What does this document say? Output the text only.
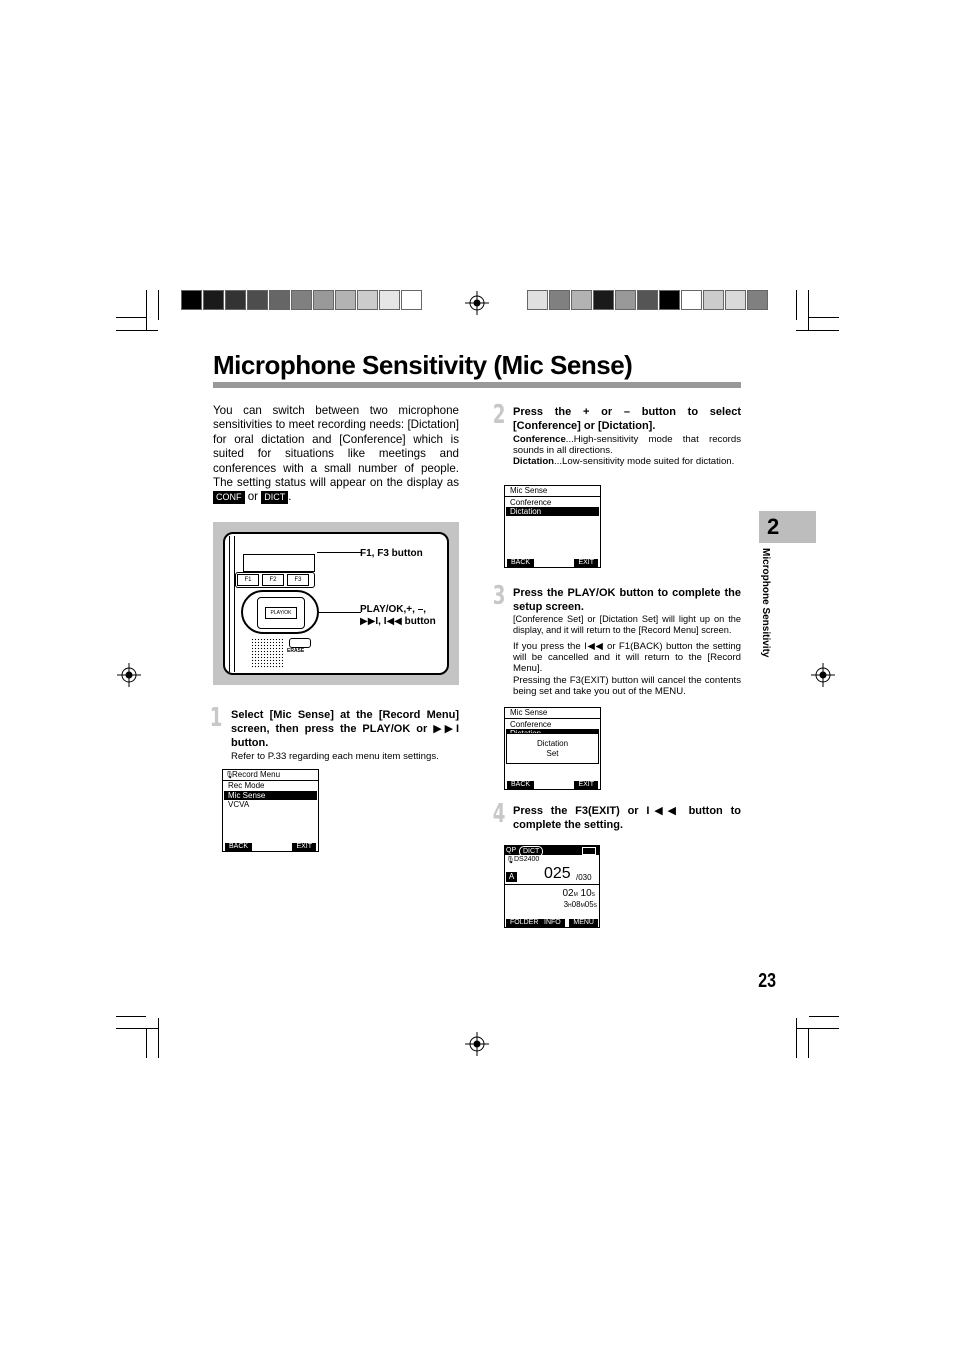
Microphone Sensitivity (Mic Sense)
You can switch between two microphone sensitivities to meet recording needs: [Dictation] for oral dictation and [Conference] which is suited for situations like meetings and conferences with a small number of people. The setting status will appear on the display as CONF or DICT .
F1	F2	F3
PLAY/OK
ERASE
F1, F3 button
PLAY/OK,+, –,
▶▶I, I◀◀ button
1 Select [Mic Sense] at the [Record Menu] screen, then press the PLAY/OK or ▶▶I button.
Refer to P.33 regarding each menu item settings.
Record Menu
🎙
Rec Mode
Mic Sense
VCVA
BACK	EXIT
2 Press the + or – button to select [Conference] or [Dictation].
Conference...High-sensitivity mode that records sounds in all directions.
Dictation...Low-sensitivity mode suited for dictation.
Mic Sense
Conference
Dictation
BACK	EXIT
3 Press the PLAY/OK button to complete the setup screen.
[Conference Set] or [Dictation Set] will light up on the display, and it will return to the [Record Menu] screen.
If you press the I◀◀ or F1(BACK) button the setting will be cancelled and it will return to the [Record Menu].
Pressing the F3(EXIT) button will cancel the contents being set and take you out of the MENU.
Mic Sense
Conference
Dictation
Set
BACK	EXIT
4 Press the F3(EXIT) or I◀◀ button to complete the setting.
QP DICT
🎙 DS2400
A 025 /030
02M 10S
3H08M05S
FOLDER INFO	MENU
2
Microphone Sensitivity
23
